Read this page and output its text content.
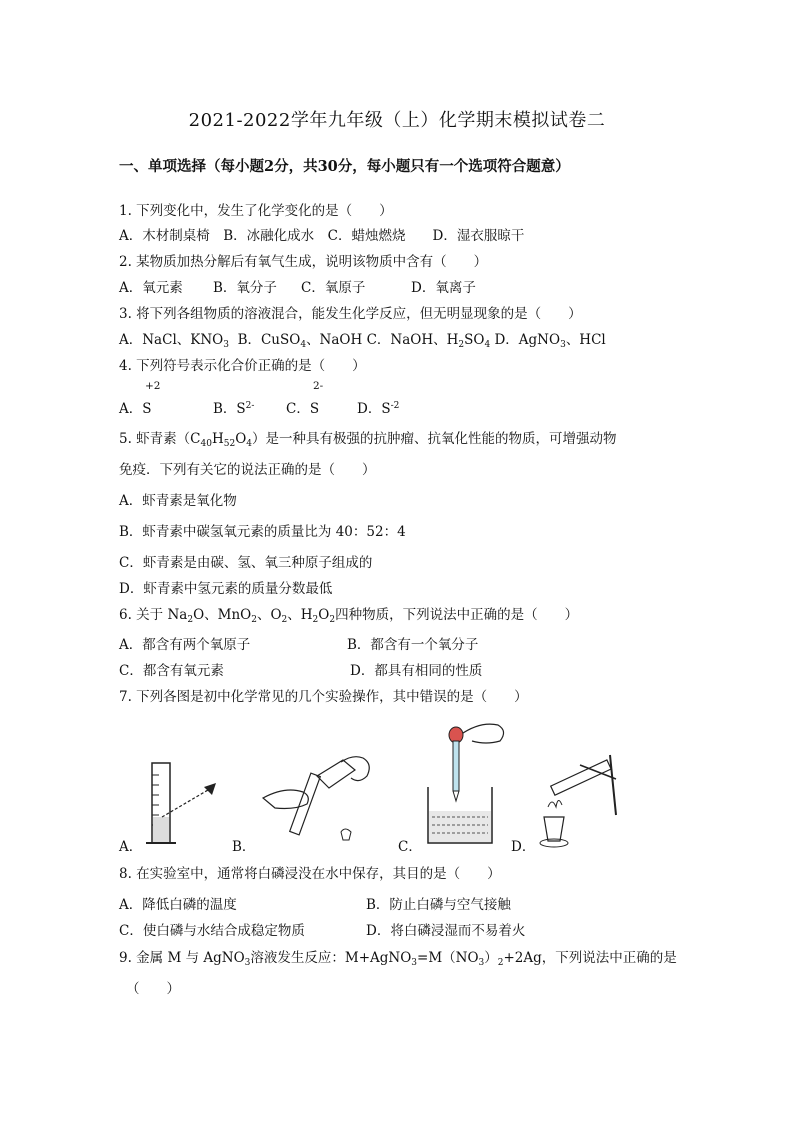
2021-2022学年九年级（上）化学期末模拟试卷二
一、单项选择（每小题2分，共30分，每小题只有一个选项符合题意）
1. 下列变化中，发生了化学变化的是（　　）
A．木材制桌椅　B．冰融化成水　C．蜡烛燃烧　　D．湿衣服晾干
2. 某物质加热分解后有氧气生成，说明该物质中含有（　　）
A．氧元素 B．氧分子 C．氧原子	D．氧离子
3. 将下列各组物质的溶液混合，能发生化学反应，但无明显现象的是（　　）
A．NaCl、$KNO_3$ B．CuSO$_4$、NaOH C．NaOH、$H_2SO_4$ D．AgNO$_3$、HCl
4. 下列符号表示化合价正确的是（　　）
+2	2-
A．S	B．$S^{2-}$ C．S	D．$S^{-2}$
5. 虾青素$(C_{40}H_{52}O_4)$是一种具有极强的抗肿瘤、抗氧化性能的物质，可增强动物
免疫．下列有关它的说法正确的是（　　）
A．虾青素是氧化物
B．虾青素中碳氢氧元素的质量比为 40：52：4
C．虾青素是由碳、氢、氧三种原子组成的
D．虾青素中氢元素的质量分数最低
6. 关于 $Na_2O$、MnO$_2$、$O_2$、$H_2O_2$四种物质，下列说法中正确的是（　　）
A．都含有两个氧原子	B．都含有一个氧分子
C．都含有氧元素	D．都具有相同的性质
7. 下列各图是初中化学常见的几个实验操作，其中错误的是（　　）
A．	B．	C．	D．
8. 在实验室中，通常将白磷浸没在水中保存，其目的是（　　）
A．降低白磷的温度	B．防止白磷与空气接触
C．使白磷与水结合成稳定物质	D．将白磷浸湿而不易着火
9. 金属 M 与 AgNO$_3$溶液发生反应：$M+AgNO_3=M(NO_3)_2+2Ag$，下列说法中正确的是
（　　）
